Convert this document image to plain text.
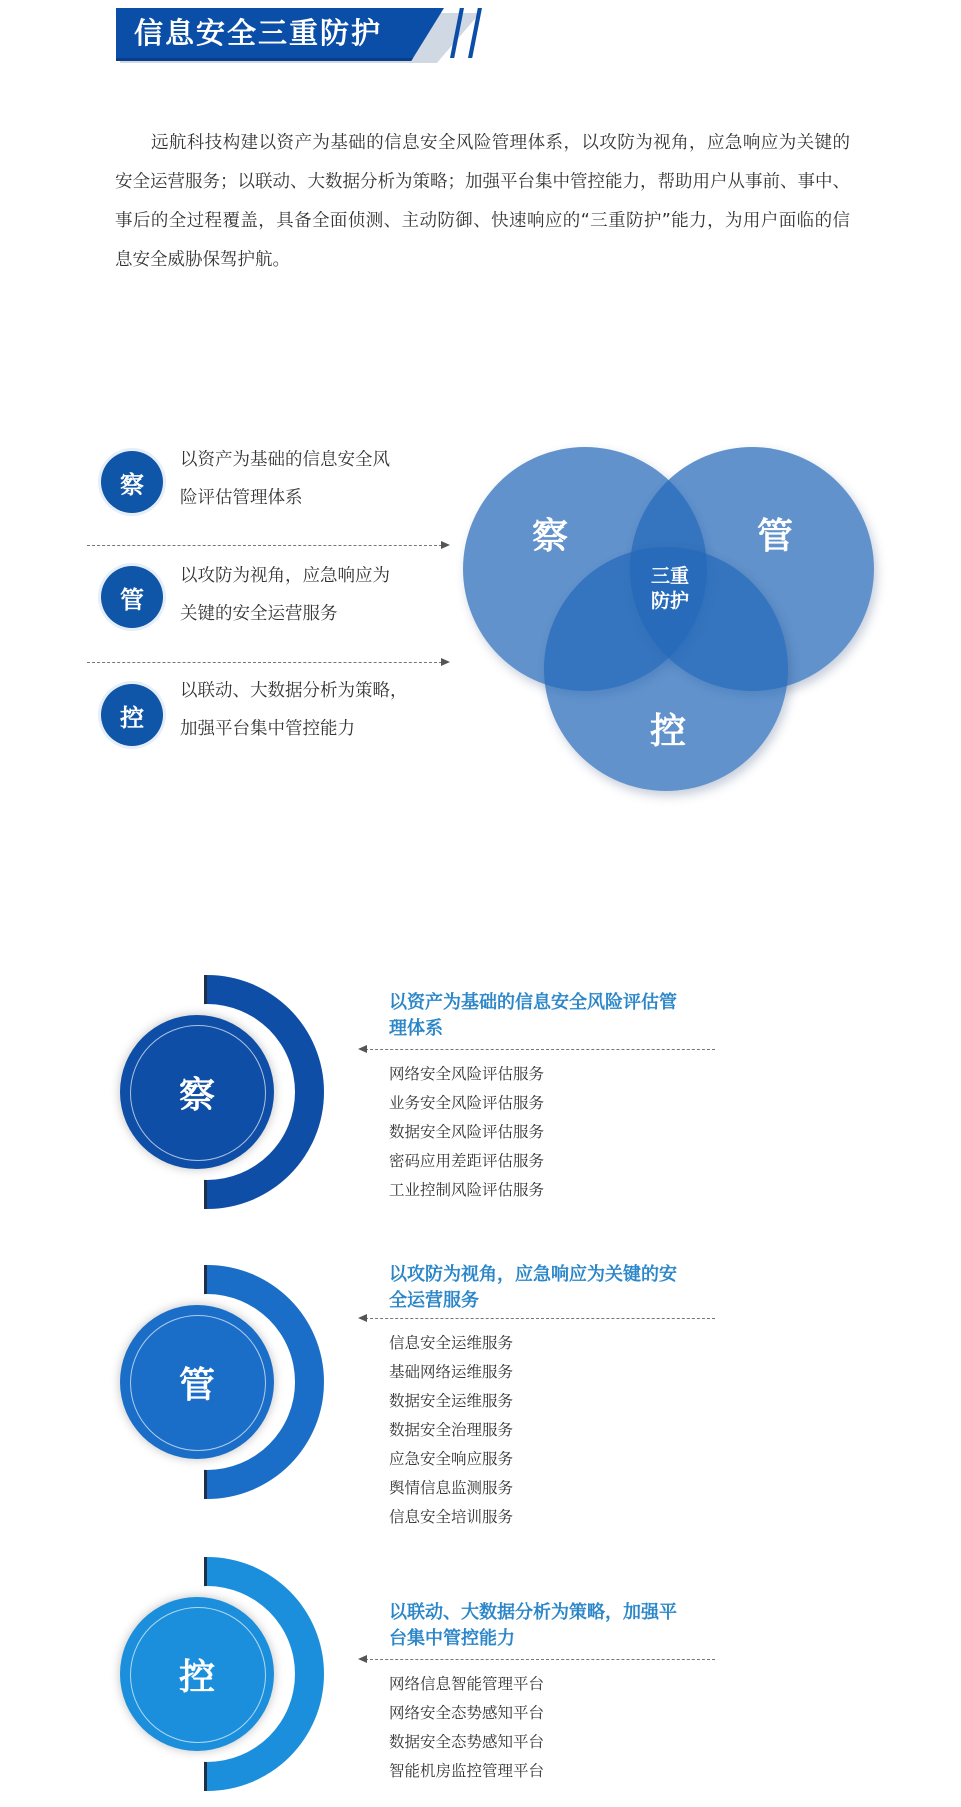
信息安全三重防护
远航科技构建以资产为基础的信息安全风险管理体系，以攻防为视角，应急响应为关键的安全运营服务；以联动、大数据分析为策略；加强平台集中管控能力，帮助用户从事前、事中、事后的全过程覆盖，具备全面侦测、主动防御、快速响应的“三重防护”能力，为用户面临的信息安全威胁保驾护航。
察
以资产为基础的信息安全风
险评估管理体系
管
以攻防为视角，应急响应为
关键的安全运营服务
控
以联动、大数据分析为策略，
加强平台集中管控能力
察	管
控
三重
防护
察
以资产为基础的信息安全风险评估管理体系
网络安全风险评估服务
业务安全风险评估服务
数据安全风险评估服务
密码应用差距评估服务
工业控制风险评估服务
管
以攻防为视角，应急响应为关键的安全运营服务
信息安全运维服务
基础网络运维服务
数据安全运维服务
数据安全治理服务
应急安全响应服务
舆情信息监测服务
信息安全培训服务
控
以联动、大数据分析为策略，加强平台集中管控能力
网络信息智能管理平台
网络安全态势感知平台
数据安全态势感知平台
智能机房监控管理平台
